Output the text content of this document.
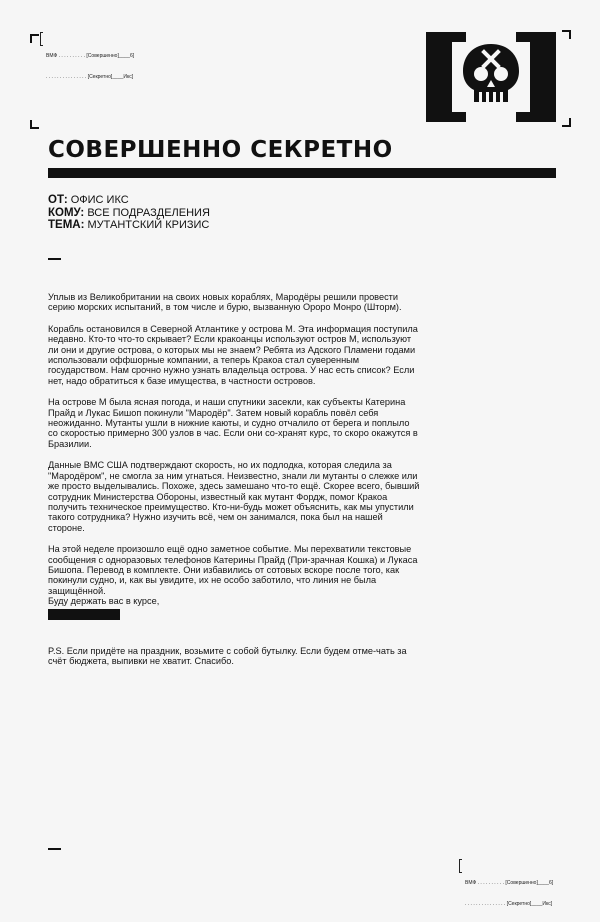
ВМФ . . . . . . . . . . [Совершенно]____6]

. . . . . . . . . . . . . . . [Секретно]____Икс]

СОВЕРШЕННО СЕКРЕТНО
ОТ: ОФИС ИКС
КОМУ: ВСЕ ПОДРАЗДЕЛЕНИЯ
ТЕМА: МУТАНТСКИЙ КРИЗИС

Уплыв из Великобритании на своих новых кораблях, Мародёры решили провести серию морских испытаний, в том числе и бурю, вызванную Ороро Монро (Шторм).

Корабль остановился в Северной Атлантике у острова М. Эта информация поступила недавно. Кто-то что-то скрывает? Если кракоанцы используют остров М, используют ли они и другие острова, о которых мы не знаем? Ребята из Адского Пламени годами использовали оффшорные компании, а теперь Кракоа стал суверенным государством. Нам срочно нужно узнать владельца острова. У нас есть список? Если нет, надо обратиться к базе имущества, в частности островов.

На острове М была ясная погода, и наши спутники засекли, как субъекты Катерина Прайд и Лукас Бишоп покинули "Мародёр". Затем новый корабль повёл себя неожиданно. Мутанты ушли в нижние каюты, и судно отчалило от берега и поплыло со скоростью примерно 300 узлов в час. Если они со-хранят курс, то скоро окажутся в Бразилии.

Данные ВМС США подтверждают скорость, но их подлодка, которая следила за "Мародёром", не смогла за ним угнаться. Неизвестно, знали ли мутанты о слежке или же просто выделывались. Похоже, здесь замешано что-то ещё. Скорее всего, бывший сотрудник Министерства Обороны, известный как мутант Фордж, помог Кракоа получить техническое преимущество. Кто-ни-будь может объяснить, как мы упустили такого сотрудника? Нужно изучить всё, чем он занимался, пока был на нашей стороне.

На этой неделе произошло ещё одно заметное событие. Мы перехватили текстовые сообщения с одноразовых телефонов Катерины Прайд (При-зрачная Кошка) и Лукаса Бишопа. Перевод в комплекте. Они избавились от сотовых вскоре после того, как покинули судно, и, как вы увидите, их не особо заботило, что линия не была защищённой.

Буду держать вас в курсе,

P.S. Если придёте на праздник, возьмите с собой бутылку. Если будем отме-чать за счёт бюджета, выпивки не хватит. Спасибо.

ВМФ . . . . . . . . . . [Совершенно]____6]

. . . . . . . . . . . . . . . [Секретно]____Икс]
